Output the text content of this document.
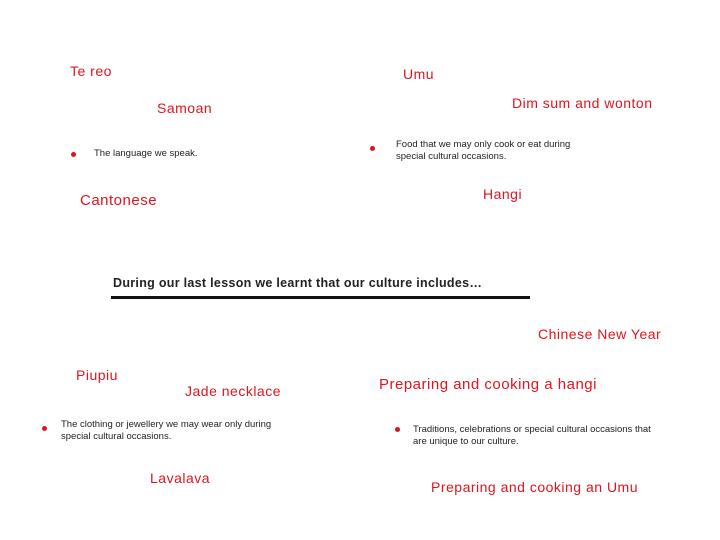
Te reo	Umu
Samoan	Dim sum and wonton
Cantonese	Hangi
Chinese New Year
Piupiu
Jade necklace	Preparing and cooking a hangi
Lavalava
Preparing and cooking an Umu
The language we speak.
Food that we may only cook or eat during special cultural occasions.
The clothing or jewellery we may wear only during special cultural occasions.
Traditions, celebrations or special cultural occasions that are unique to our culture.
During our last lesson we learnt that our culture includes…
